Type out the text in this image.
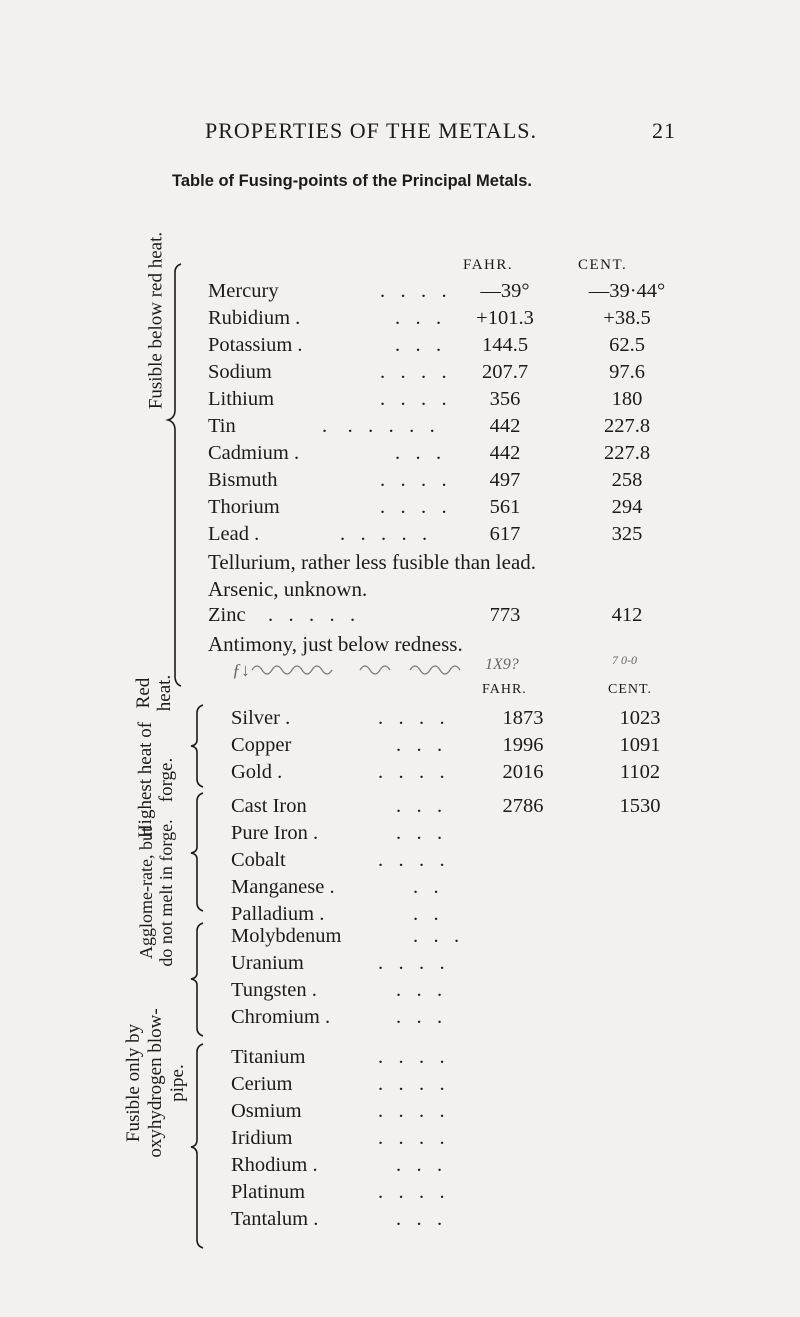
PROPERTIES OF THE METALS.	21
Table of Fusing-points of the Principal Metals.
FAHR.	CENT.
Fusible below red heat.
Red heat.
Highest heat of forge.
Agglome-rate, but do not melt in forge.
Fusible only by oxyhydrogen blow-pipe.
Mercury	.   .   .   .	—39°	—39·44°
Rubidium .	.   .   .	+101.3	+38.5
Potassium .	.   .   .	144.5	62.5
Sodium	.   .   .   .	207.7	97.6
Lithium	.   .   .   .	356	180
Tin	.    .   .   .   .   .	442	227.8
Cadmium .	.   .   .	442	227.8
Bismuth	.   .   .   .	497	258
Thorium	.   .   .   .	561	294
Lead .	.   .   .   .   .	617	325
Tellurium, rather less fusible than lead.
Arsenic, unknown.
Zinc .   .   .   .   .	773	412
Antimony, just below redness.
ƒ↓	1X9?	7 0-0
FAHR.	CENT.
Silver .	.   .   .   .	1873	1023
Copper	.   .   .	1996	1091
Gold .	.   .   .   .	2016	1102
Cast Iron	.   .   .	2786	1530
Pure Iron .	.   .   .
Cobalt	.   .   .   .
Manganese .	.   .
Palladium .	.   .
Molybdenum	.   .   .
Uranium	.   .   .   .
Tungsten .	.   .   .
Chromium .	.   .   .
Titanium	.   .   .   .
Cerium	.   .   .   .
Osmium	.   .   .   .
Iridium	.   .   .   .
Rhodium .	.   .   .
Platinum	.   .   .   .
Tantalum .	.   .   .
